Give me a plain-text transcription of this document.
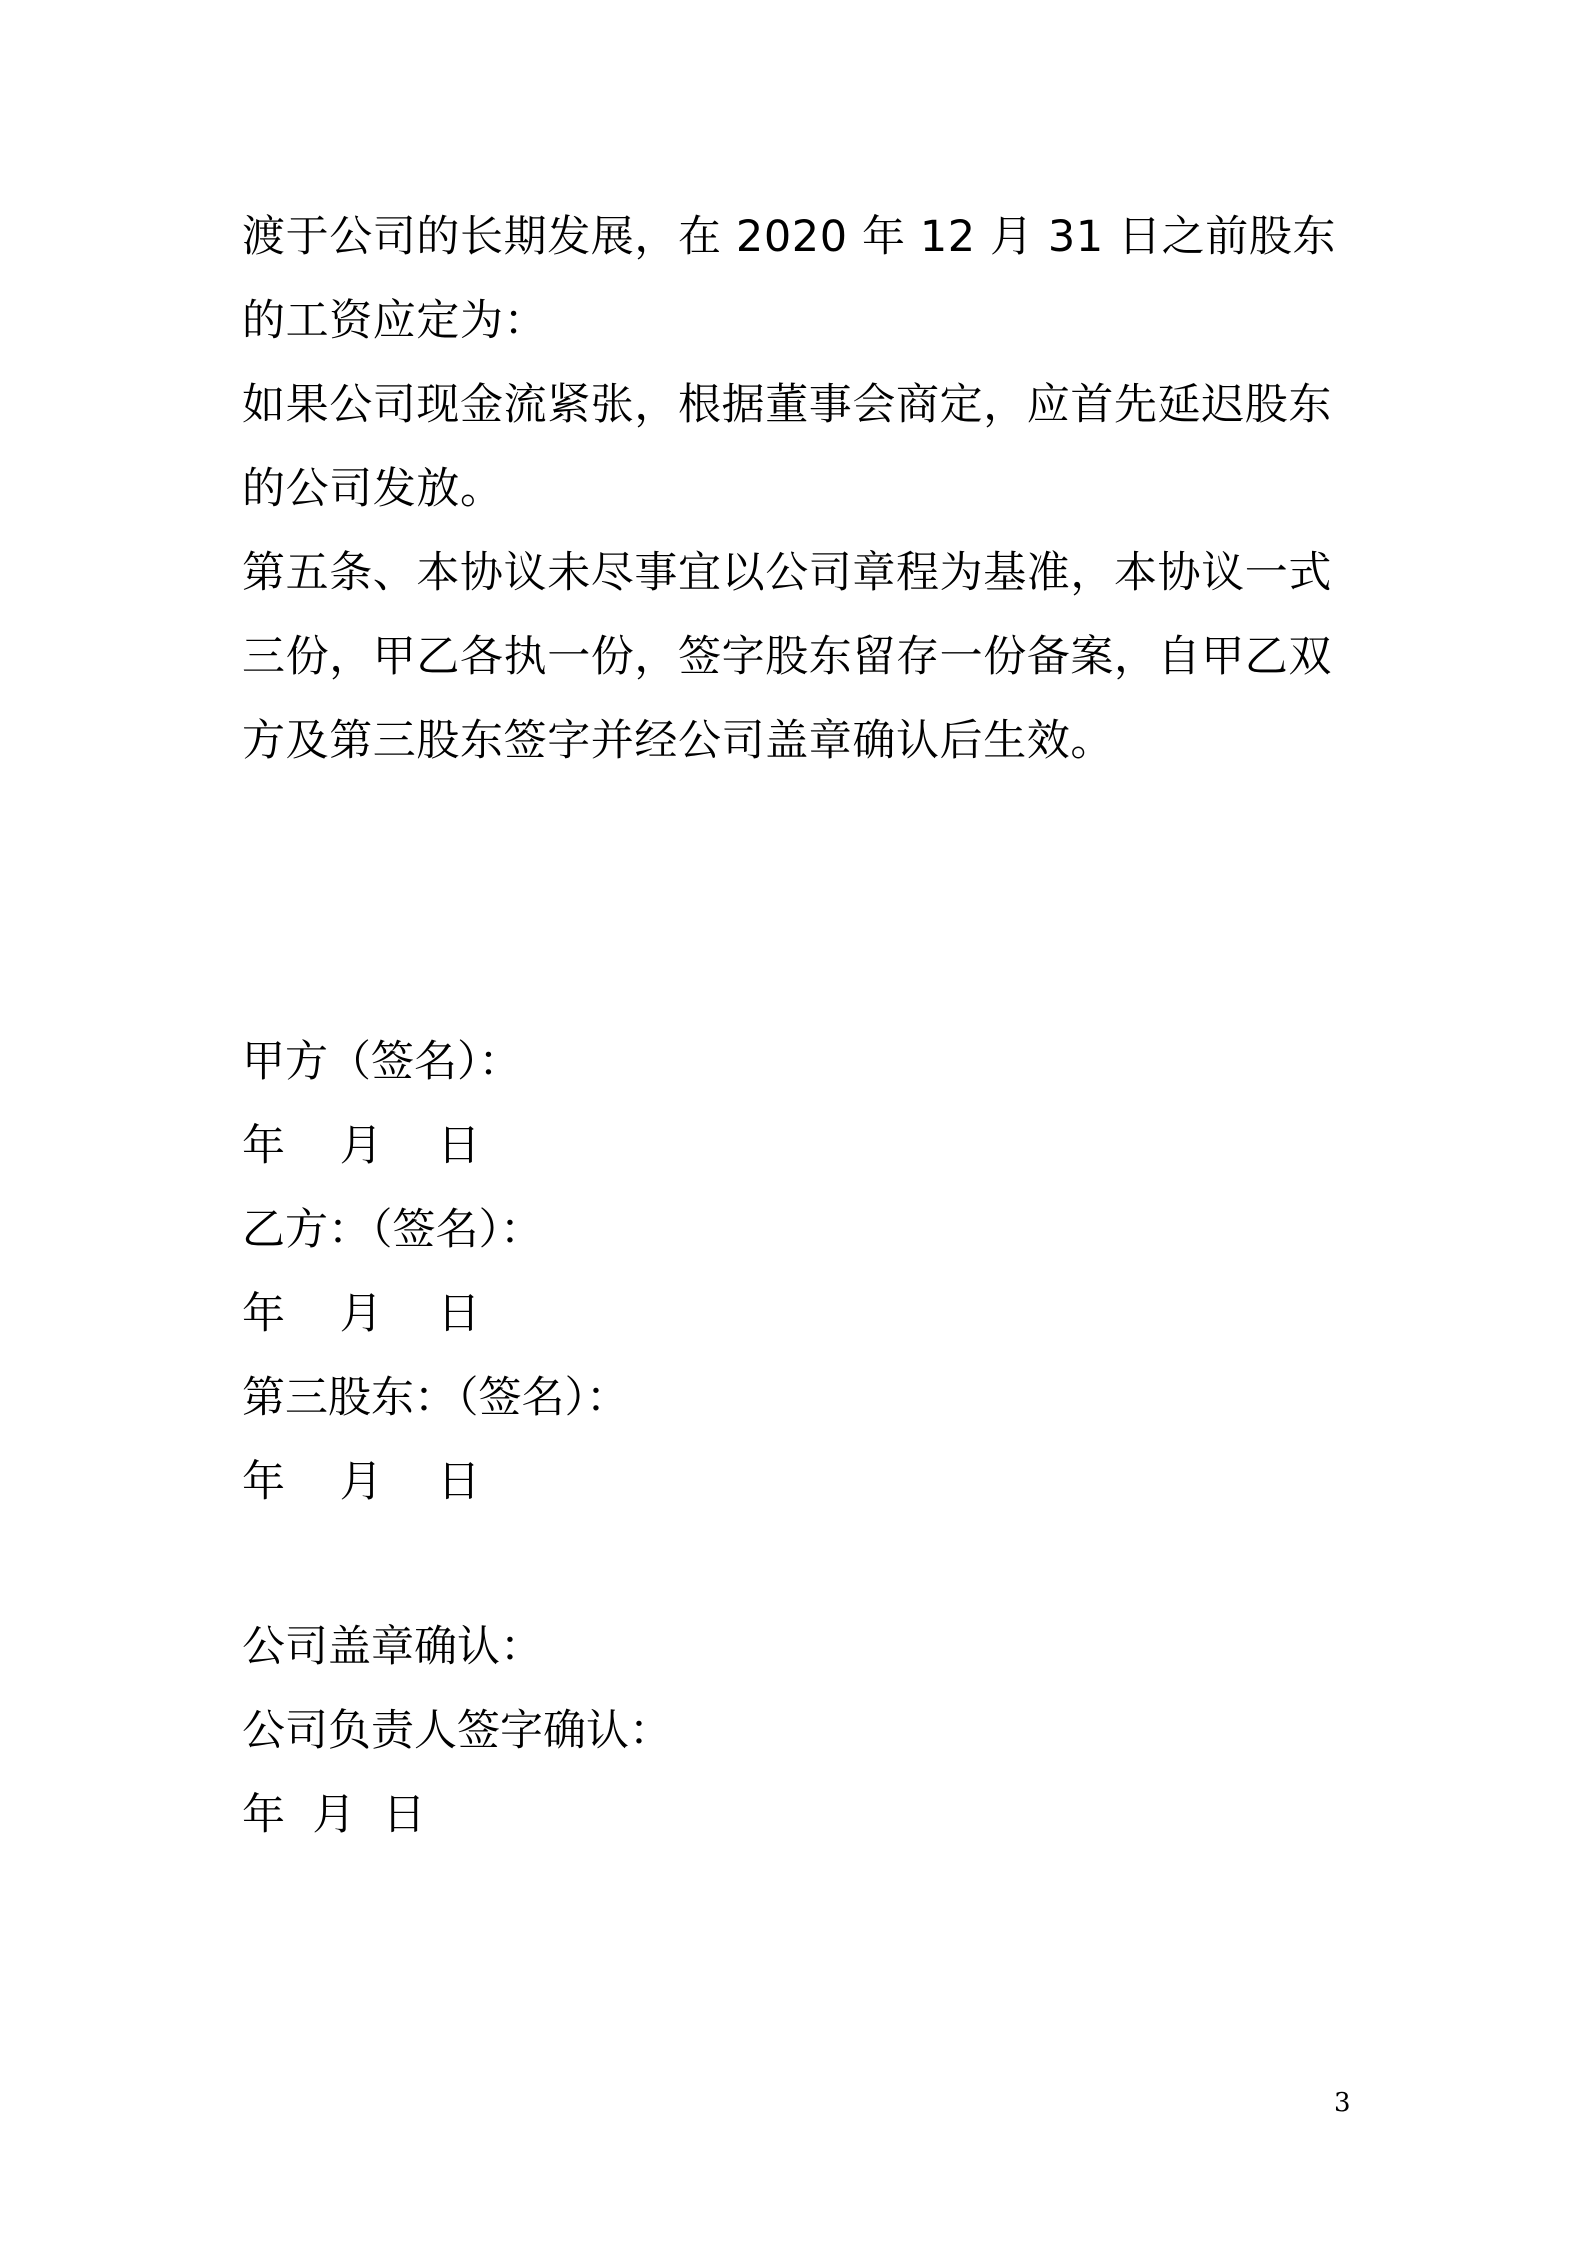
渡于公司的长期发展，在 2020 年 12 月 31 日之前股东的工资应定为：

如果公司现金流紧张，根据董事会商定，应首先延迟股东的公司发放。

第五条、本协议未尽事宜以公司章程为基准，本协议一式三份，甲乙各执一份，签字股东留存一份备案，自甲乙双方及第三股东签字并经公司盖章确认后生效。

甲方（签名）：

年    月    日

乙方：（签名）：

年    月    日

第三股东：（签名）：

年    月    日

公司盖章确认：

公司负责人签字确认：

年  月  日

3
